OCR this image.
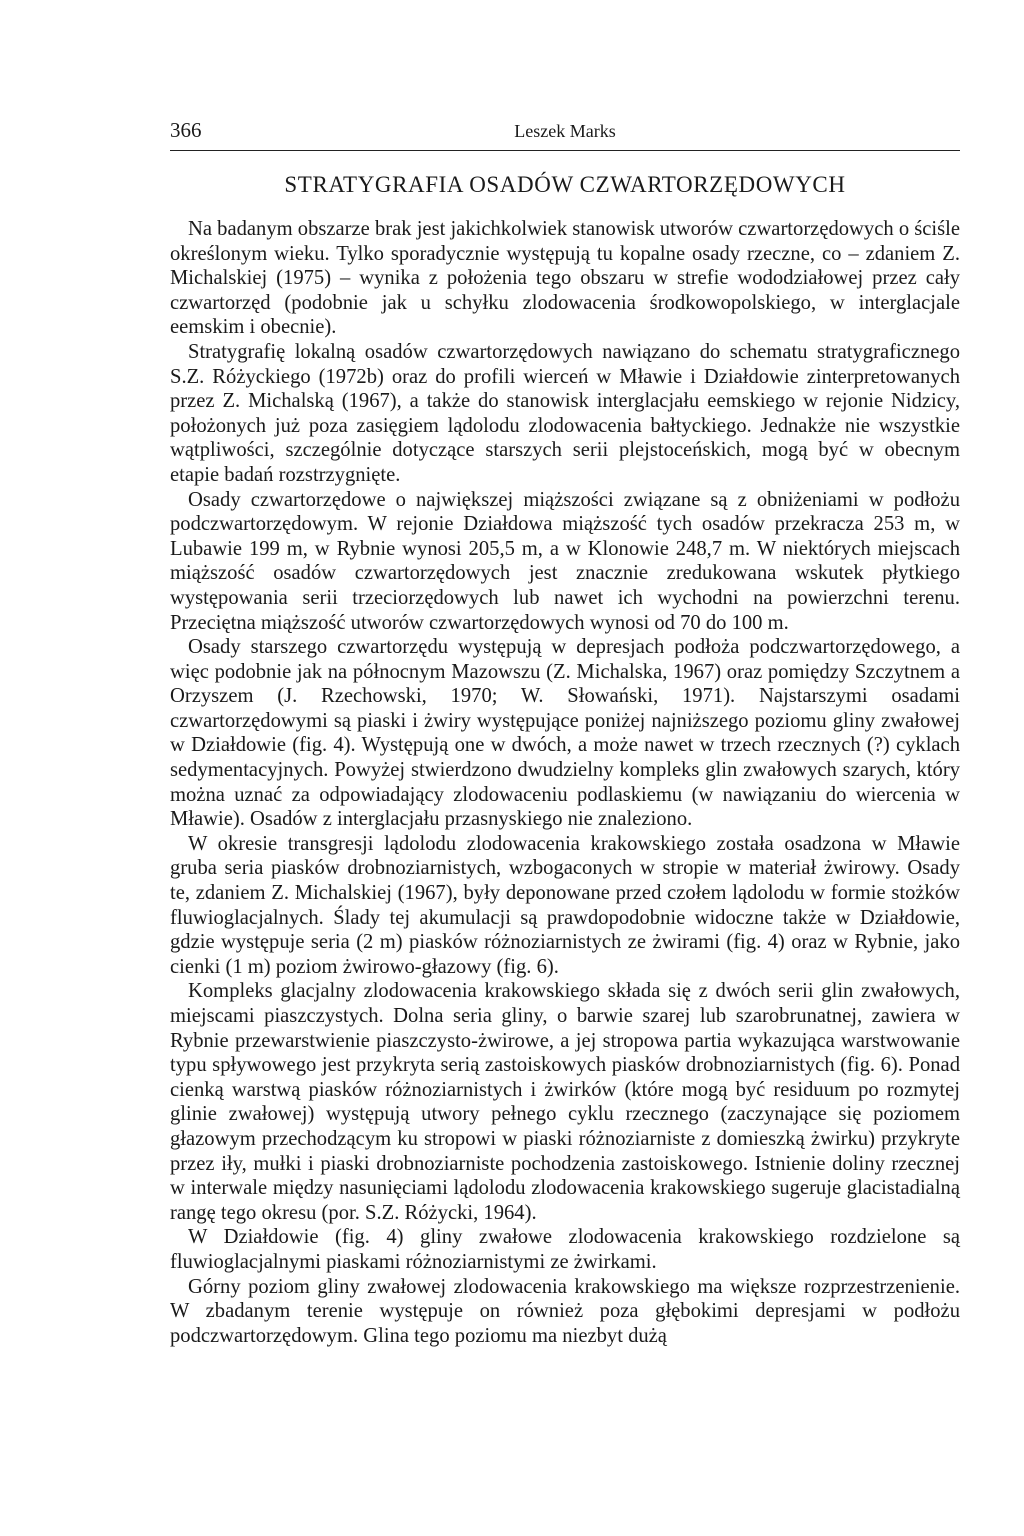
366	Leszek Marks
STRATYGRAFIA OSADÓW CZWARTORZĘDOWYCH

Na badanym obszarze brak jest jakichkolwiek stanowisk utworów czwartorzędowych o ściśle określonym wieku. Tylko sporadycznie występują tu kopalne osady rzeczne, co – zdaniem Z. Michalskiej (1975) – wynika z położenia tego obszaru w strefie wododziałowej przez cały czwartorzęd (podobnie jak u schyłku zlodowacenia środkowopolskiego, w interglacjale eemskim i obecnie).

Stratygrafię lokalną osadów czwartorzędowych nawiązano do schematu stratygraficznego S.Z. Różyckiego (1972b) oraz do profili wierceń w Mławie i Działdowie zinterpretowanych przez Z. Michalską (1967), a także do stanowisk interglacjału eemskiego w rejonie Nidzicy, położonych już poza zasięgiem lądolodu zlodowacenia bałtyckiego. Jednakże nie wszystkie wątpliwości, szczególnie dotyczące starszych serii plejstoceńskich, mogą być w obecnym etapie badań rozstrzygnięte.

Osady czwartorzędowe o największej miąższości związane są z obniżeniami w podłożu podczwartorzędowym. W rejonie Działdowa miąższość tych osadów przekracza 253 m, w Lubawie 199 m, w Rybnie wynosi 205,5 m, a w Klonowie 248,7 m. W niektórych miejscach miąższość osadów czwartorzędowych jest znacznie zredukowana wskutek płytkiego występowania serii trzeciorzędowych lub nawet ich wychodni na powierzchni terenu. Przeciętna miąższość utworów czwartorzędowych wynosi od 70 do 100 m.

Osady starszego czwartorzędu występują w depresjach podłoża podczwartorzędowego, a więc podobnie jak na północnym Mazowszu (Z. Michalska, 1967) oraz pomiędzy Szczytnem a Orzyszem (J. Rzechowski, 1970; W. Słowański, 1971). Najstarszymi osadami czwartorzędowymi są piaski i żwiry występujące poniżej najniższego poziomu gliny zwałowej w Działdowie (fig. 4). Występują one w dwóch, a może nawet w trzech rzecznych (?) cyklach sedymentacyjnych. Powyżej stwierdzono dwudzielny kompleks glin zwałowych szarych, który można uznać za odpowiadający zlodowaceniu podlaskiemu (w nawiązaniu do wiercenia w Mławie). Osadów z interglacjału przasnyskiego nie znaleziono.

W okresie transgresji lądolodu zlodowacenia krakowskiego została osadzona w Mławie gruba seria piasków drobnoziarnistych, wzbogaconych w stropie w materiał żwirowy. Osady te, zdaniem Z. Michalskiej (1967), były deponowane przed czołem lądolodu w formie stożków fluwioglacjalnych. Ślady tej akumulacji są prawdopodobnie widoczne także w Działdowie, gdzie występuje seria (2 m) piasków różnoziarnistych ze żwirami (fig. 4) oraz w Rybnie, jako cienki (1 m) poziom żwirowo-głazowy (fig. 6).

Kompleks glacjalny zlodowacenia krakowskiego składa się z dwóch serii glin zwałowych, miejscami piaszczystych. Dolna seria gliny, o barwie szarej lub szarobrunatnej, zawiera w Rybnie przewarstwienie piaszczysto-żwirowe, a jej stropowa partia wykazująca warstwowanie typu spływowego jest przykryta serią zastoiskowych piasków drobnoziarnistych (fig. 6). Ponad cienką warstwą piasków różnoziarnistych i żwirków (które mogą być residuum po rozmytej glinie zwałowej) występują utwory pełnego cyklu rzecznego (zaczynające się poziomem głazowym przechodzącym ku stropowi w piaski różnoziarniste z domieszką żwirku) przykryte przez iły, mułki i piaski drobnoziarniste pochodzenia zastoiskowego. Istnienie doliny rzecznej w interwale między nasunięciami lądolodu zlodowacenia krakowskiego sugeruje glacistadialną rangę tego okresu (por. S.Z. Różycki, 1964).

W Działdowie (fig. 4) gliny zwałowe zlodowacenia krakowskiego rozdzielone są fluwioglacjalnymi piaskami różnoziarnistymi ze żwirkami.

Górny poziom gliny zwałowej zlodowacenia krakowskiego ma większe rozprzestrzenienie. W zbadanym terenie występuje on również poza głębokimi depresjami w podłożu podczwartorzędowym. Glina tego poziomu ma niezbyt dużą
